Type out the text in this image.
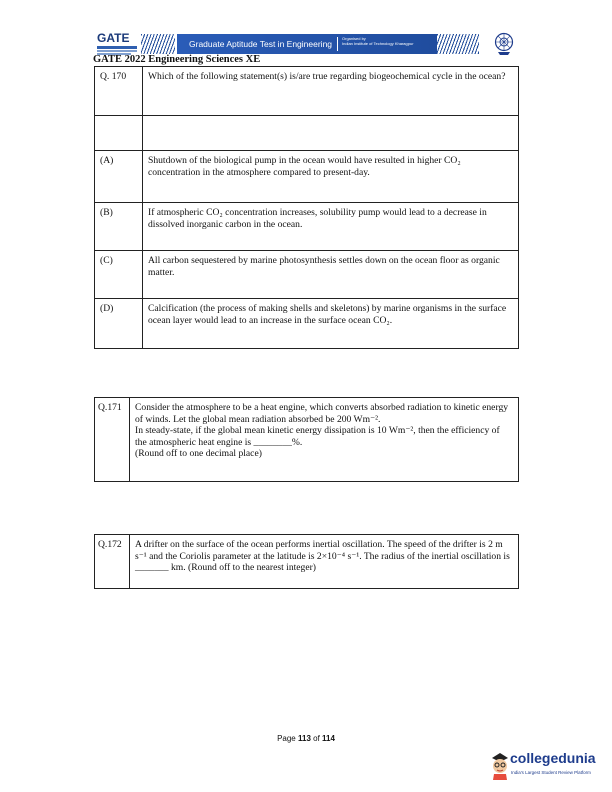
GATE	Graduate Aptitude Test in Engineering
Organised by
Indian Institute of Technology Kharagpur
GATE 2022 Engineering Sciences XE
Q. 170	Which of the following statement(s) is/are true regarding biogeochemical cycle in the ocean?

(A)	Shutdown of the biological pump in the ocean would have resulted in higher CO₂ concentration in the atmosphere compared to present-day.
(B)	If atmospheric CO₂ concentration increases, solubility pump would lead to a decrease in dissolved inorganic carbon in the ocean.
(C)	All carbon sequestered by marine photosynthesis settles down on the ocean floor as organic matter.
(D)	Calcification (the process of making shells and skeletons) by marine organisms in the surface ocean layer would lead to an increase in the surface ocean CO₂.
Q.171	Consider the atmosphere to be a heat engine, which converts absorbed radiation to kinetic energy of winds. Let the global mean radiation absorbed be 200 Wm⁻².
In steady-state, if the global mean kinetic energy dissipation is 10 Wm⁻², then the efficiency of the atmospheric heat engine is ________%.
(Round off to one decimal place)
Q.172	A drifter on the surface of the ocean performs inertial oscillation. The speed of the drifter is 2 m s⁻¹ and the Coriolis parameter at the latitude is 2×10⁻⁴ s⁻¹. The radius of the inertial oscillation is _______ km. (Round off to the nearest integer)
Page 113 of 114
collegedunia
India's Largest Student Review Platform
